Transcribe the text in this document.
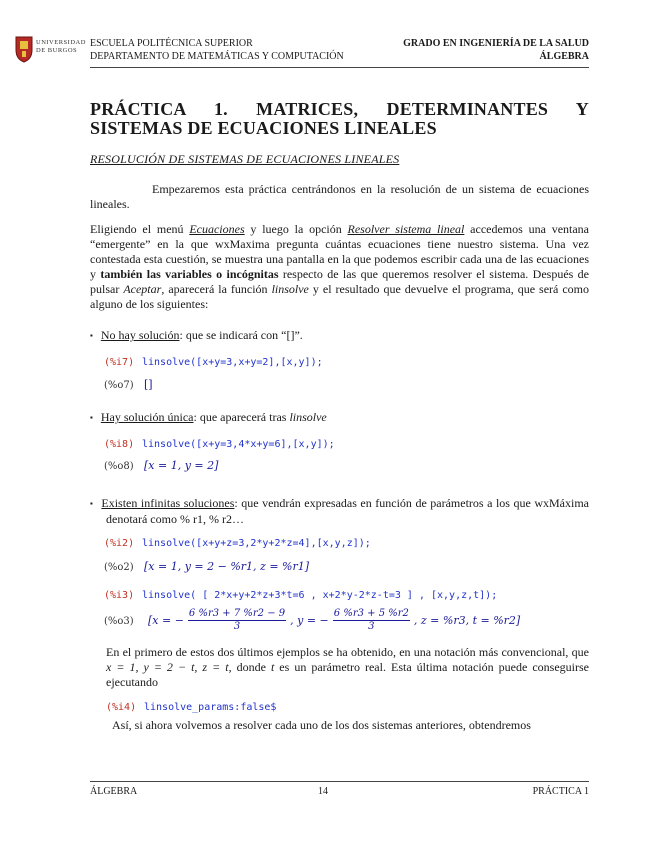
UNIVERSIDAD
DE BURGOS
ESCUELA POLITÉCNICA SUPERIOR
DEPARTAMENTO DE MATEMÁTICAS Y COMPUTACIÓN
GRADO EN INGENIERÍA DE LA SALUD
ÁLGEBRA
PRÁCTICA 1. MATRICES, DETERMINANTES Y SISTEMAS DE ECUACIONES LINEALES
RESOLUCIÓN DE SISTEMAS DE ECUACIONES LINEALES
Empezaremos esta práctica centrándonos en la resolución de un sistema de ecuaciones lineales.
Eligiendo el menú Ecuaciones y luego la opción Resolver sistema lineal accedemos una ventana “emergente” en la que wxMaxima pregunta cuántas ecuaciones tiene nuestro sistema. Una vez contestada esta cuestión, se muestra una pantalla en la que podemos escribir cada una de las ecuaciones y también las variables o incógnitas respecto de las que queremos resolver el sistema. Después de pulsar Aceptar, aparecerá la función linsolve y el resultado que devuelve el programa, que será como alguno de los siguientes:
▪ No hay solución: que se indicará con “[]”.
(%i7) linsolve([x+y=3,x+y=2],[x,y]);
(%o7) []
▪ Hay solución única: que aparecerá tras linsolve
(%i8) linsolve([x+y=3,4*x+y=6],[x,y]);
(%o8) [x = 1, y = 2]
▪ Existen infinitas soluciones: que vendrán expresadas en función de parámetros a los que wxMáxima denotará como % r1, % r2…
(%i2) linsolve([x+y+z=3,2*y+2*z=4],[x,y,z]);
(%o2) [x = 1, y = 2 − %r1, z = %r1]
(%i3) linsolve( [ 2*x+y+2*z+3*t=6 , x+2*y-2*z-t=3 ] , [x,y,z,t]);
(%o3) [x = − $\frac{6 \%r3 + 7 \%r2 - 9}{3}$ , y = − $\frac{6 \%r3 + 5 \%r2}{3}$ , z = %r3, t = %r2]
En el primero de estos dos últimos ejemplos se ha obtenido, en una notación más convencional, que x = 1, y = 2 − t, z = t, donde t es un parámetro real. Esta última notación puede conseguirse ejecutando
(%i4) linsolve_params:false$
Así, si ahora volvemos a resolver cada uno de los dos sistemas anteriores, obtendremos
ÁLGEBRA	14	PRÁCTICA 1
